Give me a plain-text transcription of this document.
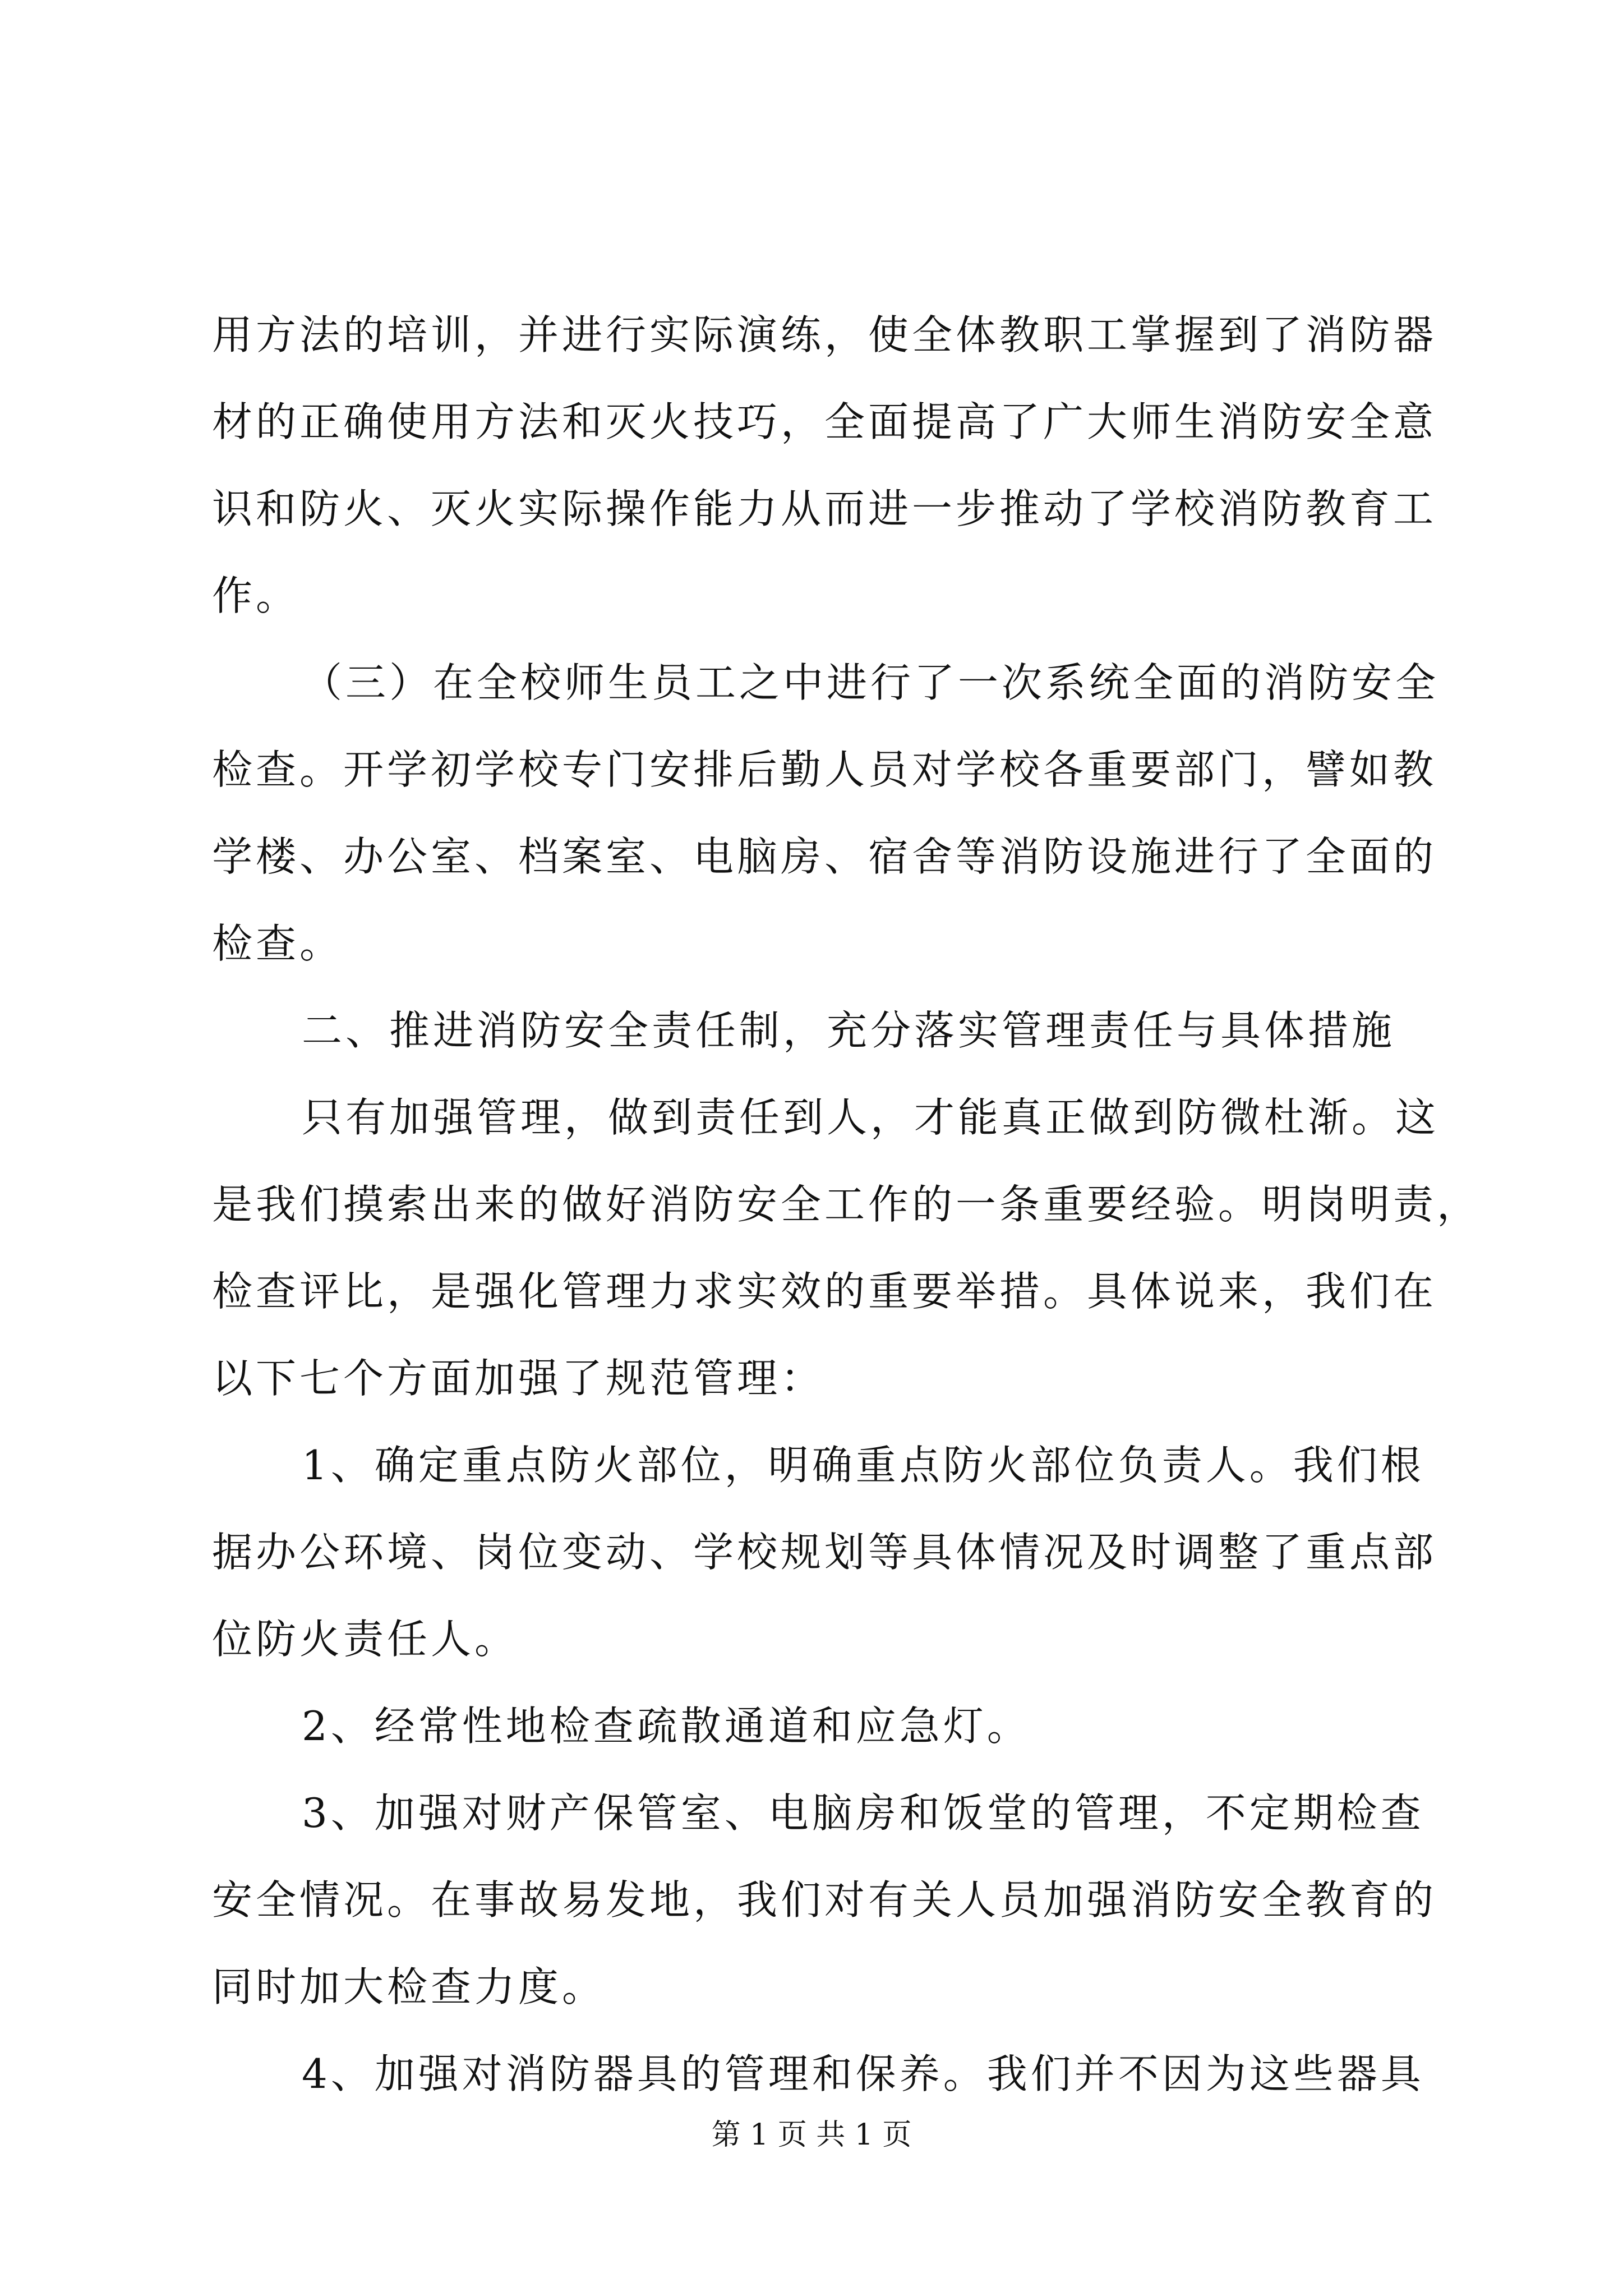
用方法的培训，并进行实际演练，使全体教职工掌握到了消防器
材的正确使用方法和灭火技巧，全面提高了广大师生消防安全意
识和防火、灭火实际操作能力从而进一步推动了学校消防教育工
作。
（三）在全校师生员工之中进行了一次系统全面的消防安全
检查。开学初学校专门安排后勤人员对学校各重要部门，譬如教
学楼、办公室、档案室、电脑房、宿舍等消防设施进行了全面的
检查。
二、推进消防安全责任制，充分落实管理责任与具体措施
只有加强管理，做到责任到人，才能真正做到防微杜渐。这
是我们摸索出来的做好消防安全工作的一条重要经验。明岗明责，
检查评比，是强化管理力求实效的重要举措。具体说来，我们在
以下七个方面加强了规范管理：
1、确定重点防火部位，明确重点防火部位负责人。我们根
据办公环境、岗位变动、学校规划等具体情况及时调整了重点部
位防火责任人。
2、经常性地检查疏散通道和应急灯。
3、加强对财产保管室、电脑房和饭堂的管理，不定期检查
安全情况。在事故易发地，我们对有关人员加强消防安全教育的
同时加大检查力度。
4、加强对消防器具的管理和保养。我们并不因为这些器具
第 1 页 共 1 页
